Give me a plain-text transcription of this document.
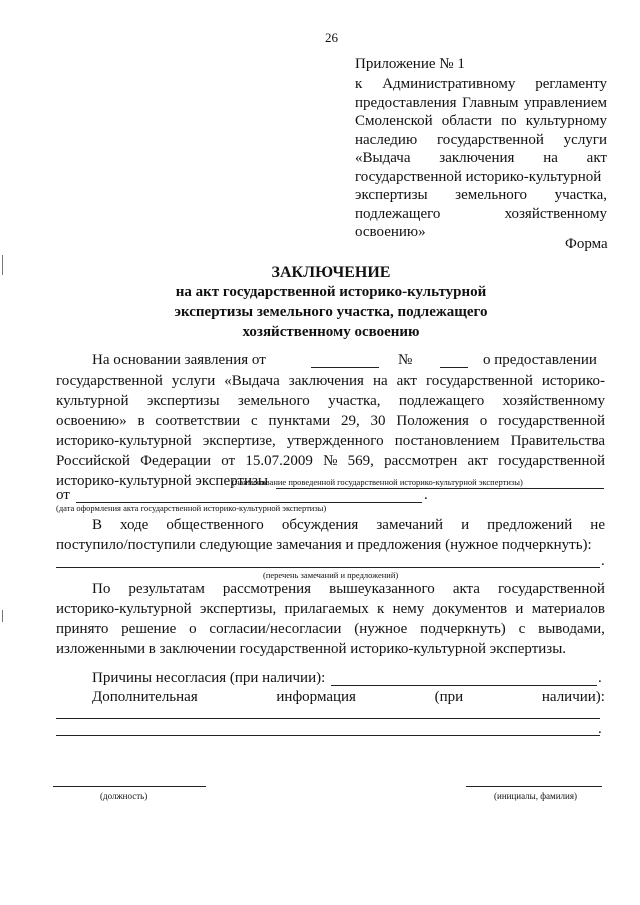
26
Приложение № 1
к Административному регламенту
предоставления Главным управлением
Смоленской области по культурному
наследию государственной услуги
«Выдача заключения на акт
государственной историко-культурной
экспертизы земельного участка,
подлежащего	хозяйственному
освоению»
Форма
ЗАКЛЮЧЕНИЕ
на акт государственной историко-культурной
экспертизы земельного участка, подлежащего
хозяйственному освоению
На основании заявления от	№	о предоставлении
государственной услуги «Выдача заключения на акт государственной историко-
культурной экспертизы земельного участка, подлежащего хозяйственному
освоению» в соответствии с пунктами 29, 30 Положения о государственной
историко-культурной экспертизе, утвержденного постановлением Правительства
Российской Федерации от 15.07.2009 № 569, рассмотрен акт государственной
историко-культурной экспертизы
(наименование проведенной государственной историко-культурной экспертизы)
от	.
(дата оформления акта государственной историко-культурной экспертизы)
В ходе общественного обсуждения замечаний и предложений не
поступило/поступили следующие замечания и предложения (нужное подчеркнуть):
.
(перечень замечаний и предложений)
По результатам рассмотрения вышеуказанного акта государственной
историко-культурной экспертизы, прилагаемых к нему документов и материалов
принято решение о согласии/несогласии (нужное подчеркнуть) с выводами,
изложенными в заключении государственной историко-культурной экспертизы.
Причины несогласия (при наличии):	.
Дополнительная	информация	(при	наличии):
.
(должность)	(инициалы, фамилия)
